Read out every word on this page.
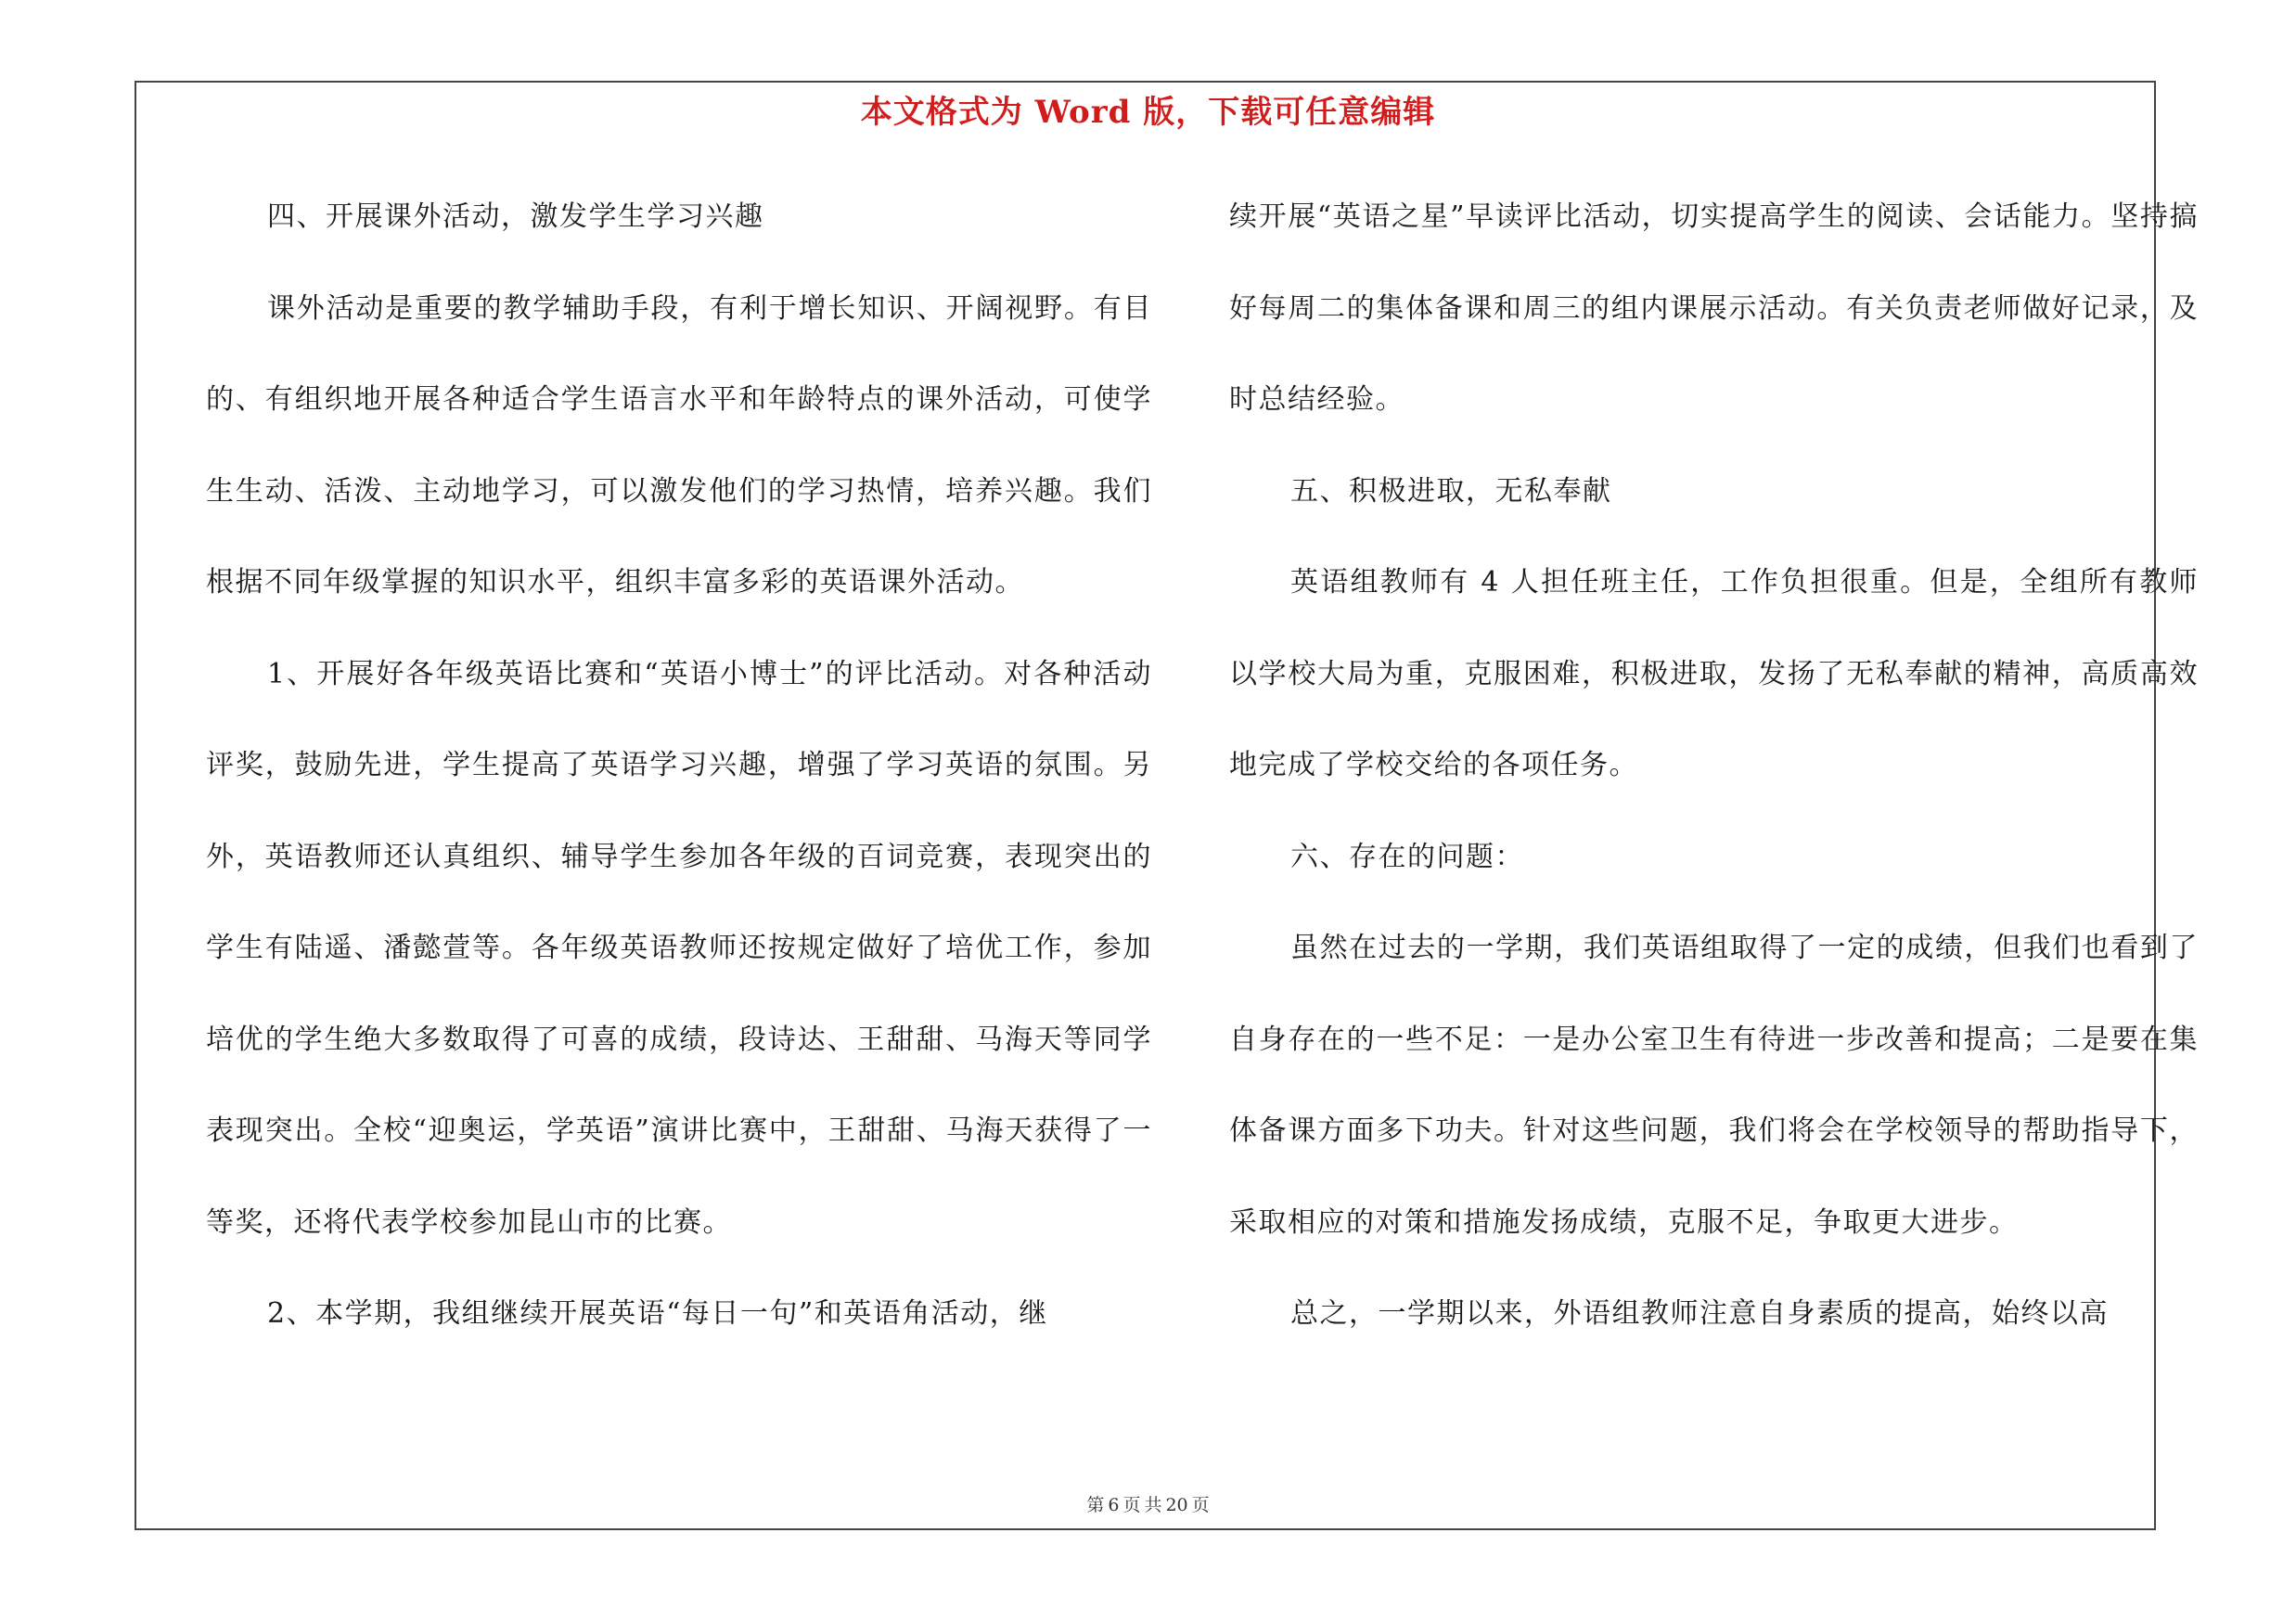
本文格式为 Word 版，下载可任意编辑

四、开展课外活动，激发学生学习兴趣

课外活动是重要的教学辅助手段，有利于增长知识、开阔视野。有目的、有组织地开展各种适合学生语言水平和年龄特点的课外活动，可使学生生动、活泼、主动地学习，可以激发他们的学习热情，培养兴趣。我们根据不同年级掌握的知识水平，组织丰富多彩的英语课外活动。

1、开展好各年级英语比赛和“英语小博士”的评比活动。对各种活动评奖，鼓励先进，学生提高了英语学习兴趣，增强了学习英语的氛围。另外，英语教师还认真组织、辅导学生参加各年级的百词竞赛，表现突出的学生有陆遥、潘懿萱等。各年级英语教师还按规定做好了培优工作，参加培优的学生绝大多数取得了可喜的成绩，段诗达、王甜甜、马海天等同学表现突出。全校“迎奥运，学英语”演讲比赛中，王甜甜、马海天获得了一等奖，还将代表学校参加昆山市的比赛。

2、本学期，我组继续开展英语“每日一句”和英语角活动，继

续开展“英语之星”早读评比活动，切实提高学生的阅读、会话能力。坚持搞好每周二的集体备课和周三的组内课展示活动。有关负责老师做好记录，及时总结经验。

五、积极进取，无私奉献

英语组教师有 4 人担任班主任，工作负担很重。但是，全组所有教师以学校大局为重，克服困难，积极进取，发扬了无私奉献的精神，高质高效地完成了学校交给的各项任务。

六、存在的问题：

虽然在过去的一学期，我们英语组取得了一定的成绩，但我们也看到了自身存在的一些不足：一是办公室卫生有待进一步改善和提高；二是要在集体备课方面多下功夫。针对这些问题，我们将会在学校领导的帮助指导下，采取相应的对策和措施发扬成绩，克服不足，争取更大进步。

总之，一学期以来，外语组教师注意自身素质的提高，始终以高

第 6 页 共 20 页
